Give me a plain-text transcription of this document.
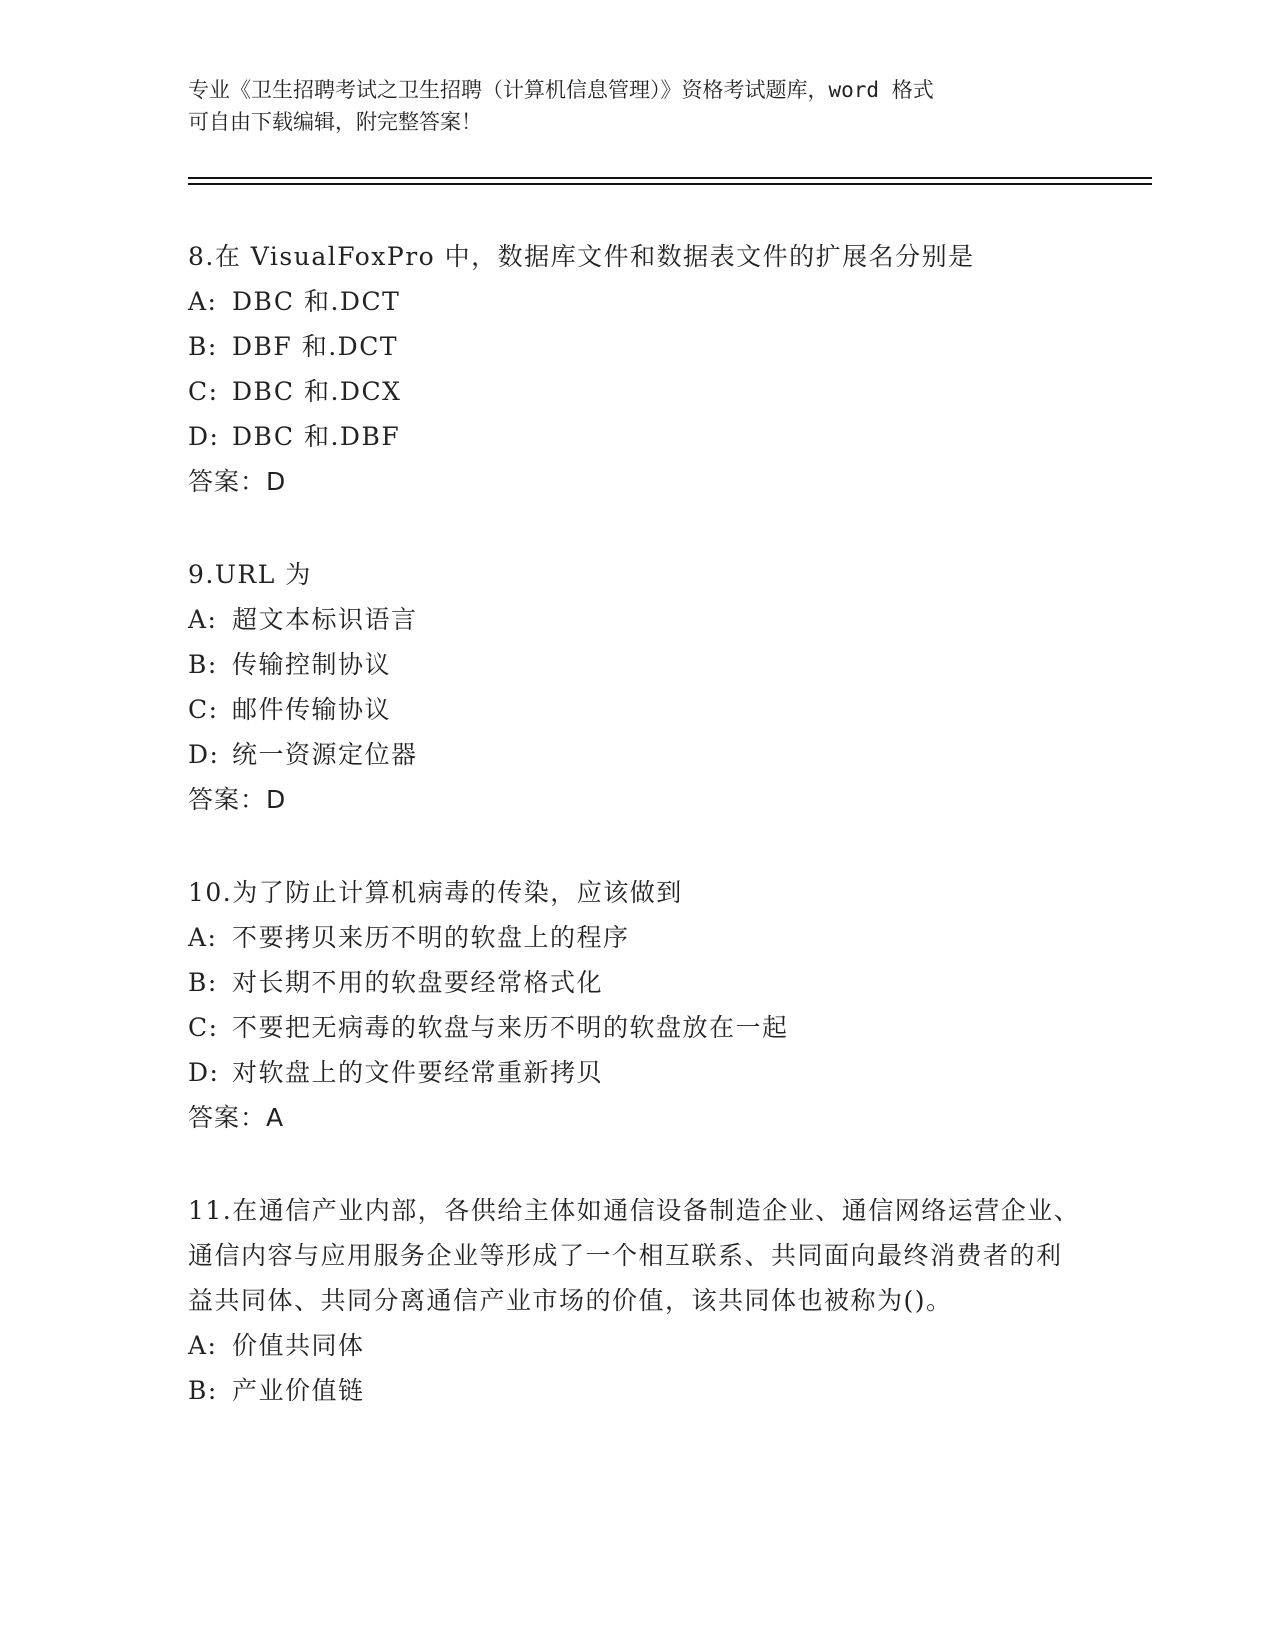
专业《卫生招聘考试之卫生招聘（计算机信息管理）》资格考试题库，word 格式
可自由下载编辑，附完整答案！
8.在 VisualFoxPro 中，数据库文件和数据表文件的扩展名分别是
A: DBC 和.DCT
B: DBF 和.DCT
C: DBC 和.DCX
D: DBC 和.DBF
答案：D
9.URL 为
A: 超文本标识语言
B: 传输控制协议
C: 邮件传输协议
D: 统一资源定位器
答案：D
10.为了防止计算机病毒的传染，应该做到
A: 不要拷贝来历不明的软盘上的程序
B: 对长期不用的软盘要经常格式化
C: 不要把无病毒的软盘与来历不明的软盘放在一起
D: 对软盘上的文件要经常重新拷贝
答案：A
11.在通信产业内部，各供给主体如通信设备制造企业、通信网络运营企业、通信内容与应用服务企业等形成了一个相互联系、共同面向最终消费者的利益共同体、共同分离通信产业市场的价值，该共同体也被称为()。
A: 价值共同体
B: 产业价值链
